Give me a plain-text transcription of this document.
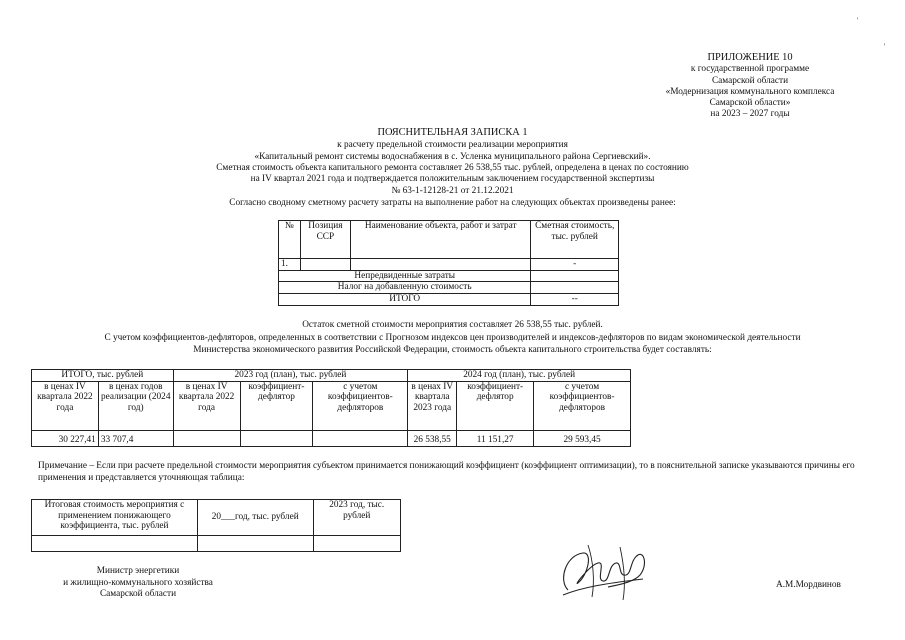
'
'
ПРИЛОЖЕНИЕ 10
к государственной программе
Самарской области
«Модернизация коммунального комплекса
Самарской области»
на 2023 – 2027 годы
ПОЯСНИТЕЛЬНАЯ ЗАПИСКА 1
к расчету предельной стоимости реализации мероприятия
«Капитальный ремонт системы водоснабжения в с. Усленка муниципального района Сергиевский».
Сметная стоимость объекта капитального ремонта составляет 26 538,55 тыс. рублей, определена в ценах по состоянию
на IV квартал 2021 года и подтверждается положительным заключением государственной экспертизы
№ 63-1-12128-21 от 21.12.2021
Согласно сводному сметному расчету затраты на выполнение работ на следующих объектах произведены ранее:
№	Позиция ССР	Наименование объекта, работ и затрат	Сметная стоимость, тыс. рублей
1.			-
Непредвиденные затраты			
Налог на добавленную стоимость			
ИТОГО			--
Остаток сметной стоимости мероприятия составляет 26 538,55 тыс. рублей.
С учетом коэффициентов-дефляторов, определенных в соответствии с Прогнозом индексов цен производителей и индексов-дефляторов по видам экономической деятельности
Министерства экономического развития Российской Федерации, стоимость объекта капитального строительства будет составлять:
ИТОГО, тыс. рублей		2023 год (план), тыс. рублей			2024 год (план), тыс. рублей		
в ценах IV квартала 2022 года	в ценах годов реализации (2024 год)	в ценах IV квартала 2022 года	коэффициент-дефлятор	с учетом коэффициентов-дефляторов	в ценах IV квартала 2023 года	коэффициент-дефлятор	с учетом коэффициентов-дефляторов
30 227,41	33 707,4				26 538,55	11 151,27	29 593,45
Примечание – Если при расчете предельной стоимости мероприятия субъектом принимается понижающий коэффициент (коэффициент оптимизации), то в пояснительной записке указываются причины его применения и представляется уточняющая таблица:
Итоговая стоимость мероприятия с применением понижающего коэффициента, тыс. рублей	20___год, тыс. рублей	2023 год, тыс. рублей

Министр энергетики
и жилищно-коммунального хозяйства
Самарской области
А.М.Мордвинов
